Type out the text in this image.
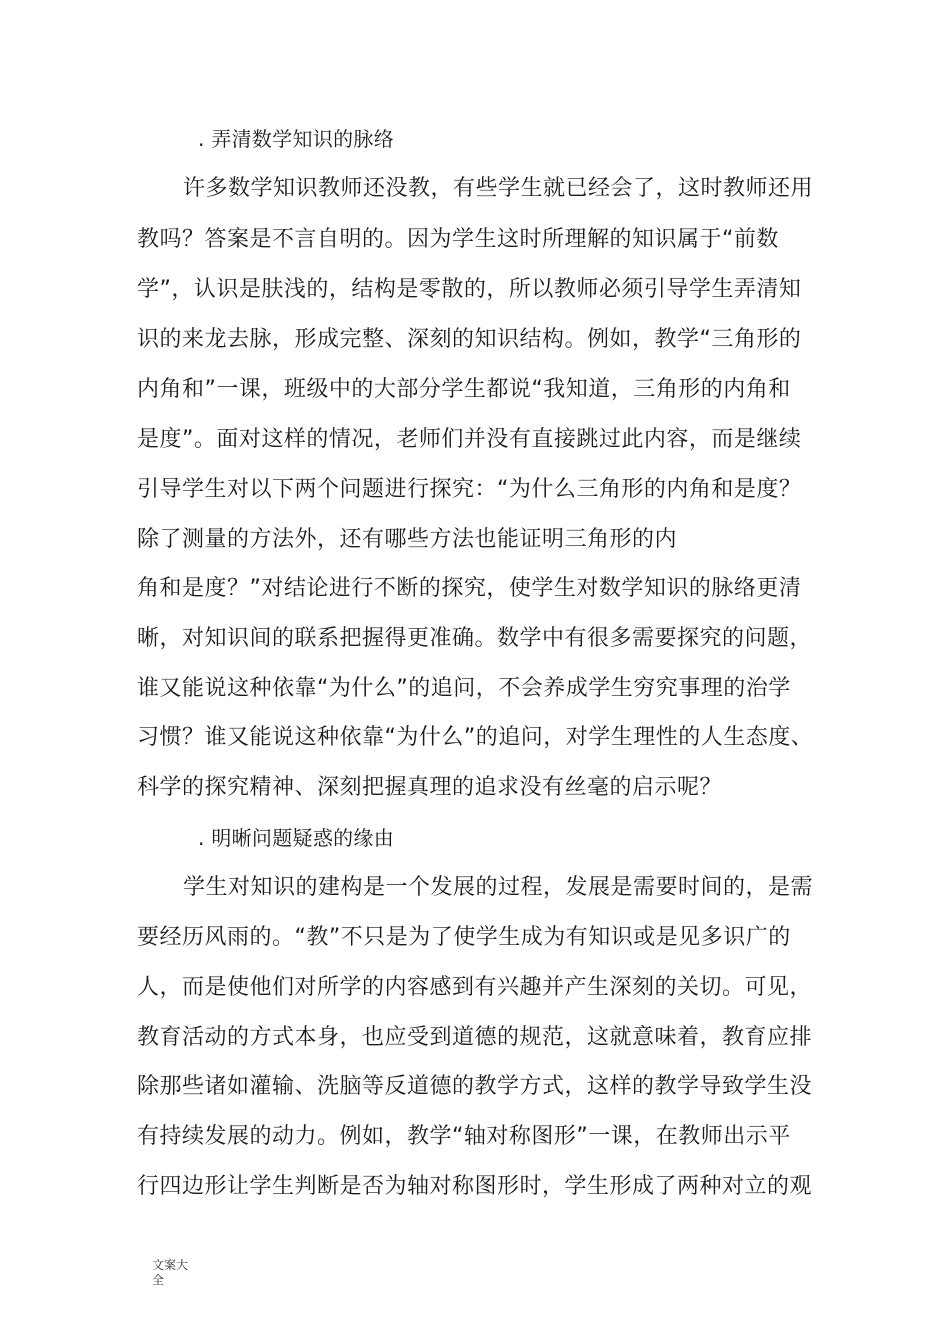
. 弄清数学知识的脉络
许多数学知识教师还没教，有些学生就已经会了，这时教师还用
教吗？答案是不言自明的。因为学生这时所理解的知识属于“前数
学”，认识是肤浅的，结构是零散的，所以教师必须引导学生弄清知
识的来龙去脉，形成完整、深刻的知识结构。例如，教学“三角形的
内角和”一课，班级中的大部分学生都说“我知道，三角形的内角和
是度”。面对这样的情况，老师们并没有直接跳过此内容，而是继续
引导学生对以下两个问题进行探究：“为什么三角形的内角和是度？
除了测量的方法外，还有哪些方法也能证明三角形的内
角和是度？”对结论进行不断的探究，使学生对数学知识的脉络更清
晰，对知识间的联系把握得更准确。数学中有很多需要探究的问题，
谁又能说这种依靠“为什么”的追问，不会养成学生穷究事理的治学
习惯？谁又能说这种依靠“为什么”的追问，对学生理性的人生态度、
科学的探究精神、深刻把握真理的追求没有丝毫的启示呢？
. 明晰问题疑惑的缘由
学生对知识的建构是一个发展的过程，发展是需要时间的，是需
要经历风雨的。“教”不只是为了使学生成为有知识或是见多识广的
人，而是使他们对所学的内容感到有兴趣并产生深刻的关切。可见，
教育活动的方式本身，也应受到道德的规范，这就意味着，教育应排
除那些诸如灌输、洗脑等反道德的教学方式，这样的教学导致学生没
有持续发展的动力。例如，教学“轴对称图形”一课，在教师出示平
行四边形让学生判断是否为轴对称图形时，学生形成了两种对立的观
文案大
全
